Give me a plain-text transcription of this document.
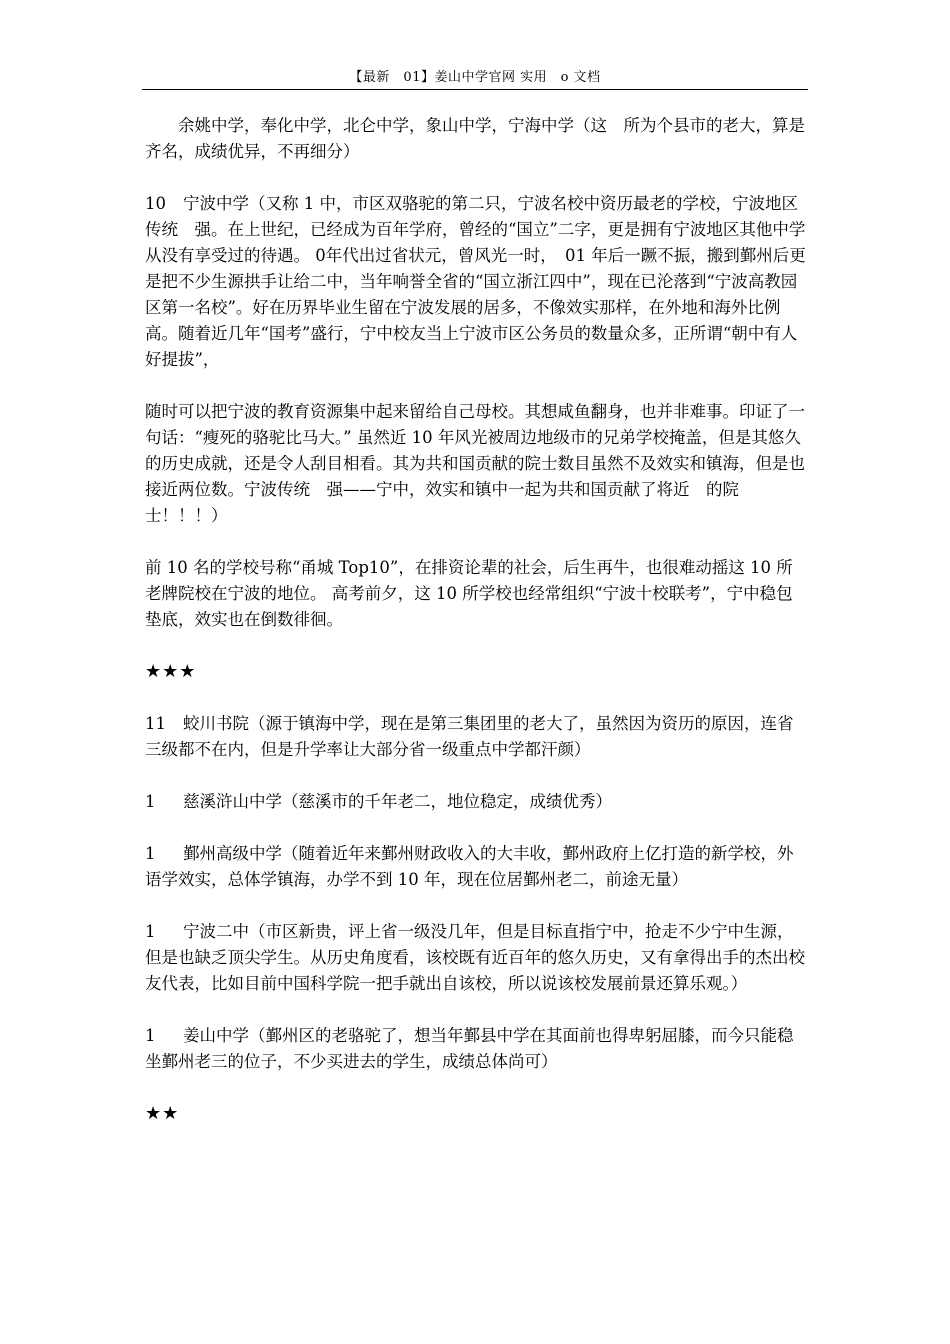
【最新　01】姜山中学官网 实用　o 文档

余姚中学，奉化中学，北仑中学，象山中学，宁海中学（这　所为个县市的老大，算是齐名，成绩优异，不再细分）

10 宁波中学（又称 1 中，市区双骆驼的第二只，宁波名校中资历最老的学校，宁波地区传统　强。在上世纪，已经成为百年学府，曾经的“国立”二字，更是拥有宁波地区其他中学从没有享受过的待遇。 0年代出过省状元，曾风光一时，　01 年后一蹶不振，搬到鄞州后更是把不少生源拱手让给二中，当年响誉全省的“国立浙江四中”，现在已沦落到“宁波高教园区第一名校”。好在历界毕业生留在宁波发展的居多，不像效实那样，在外地和海外比例高。随着近几年“国考”盛行，宁中校友当上宁波市区公务员的数量众多，正所谓“朝中有人好提拔”，

随时可以把宁波的教育资源集中起来留给自己母校。其想咸鱼翻身，也并非难事。印证了一句话：“瘦死的骆驼比马大。” 虽然近 10 年风光被周边地级市的兄弟学校掩盖，但是其悠久的历史成就，还是令人刮目相看。其为共和国贡献的院士数目虽然不及效实和镇海，但是也接近两位数。宁波传统　强——宁中，效实和镇中一起为共和国贡献了将近　的院士！！！）

前 10 名的学校号称“甬城 Top10”，在排资论辈的社会，后生再牛，也很难动摇这 10 所老牌院校在宁波的地位。 高考前夕，这 10 所学校也经常组织“宁波十校联考”，宁中稳包垫底，效实也在倒数徘徊。

★★★

11 蛟川书院（源于镇海中学，现在是第三集团里的老大了，虽然因为资历的原因，连省三级都不在内，但是升学率让大部分省一级重点中学都汗颜）

1 慈溪浒山中学（慈溪市的千年老二，地位稳定，成绩优秀）

1 鄞州高级中学（随着近年来鄞州财政收入的大丰收，鄞州政府上亿打造的新学校，外语学效实，总体学镇海，办学不到 10 年，现在位居鄞州老二，前途无量）

1 宁波二中（市区新贵，评上省一级没几年，但是目标直指宁中，抢走不少宁中生源，但是也缺乏顶尖学生。从历史角度看，该校既有近百年的悠久历史，又有拿得出手的杰出校友代表，比如目前中国科学院一把手就出自该校，所以说该校发展前景还算乐观。）

1 姜山中学（鄞州区的老骆驼了，想当年鄞县中学在其面前也得卑躬屈膝，而今只能稳坐鄞州老三的位子，不少买进去的学生，成绩总体尚可）

★★
